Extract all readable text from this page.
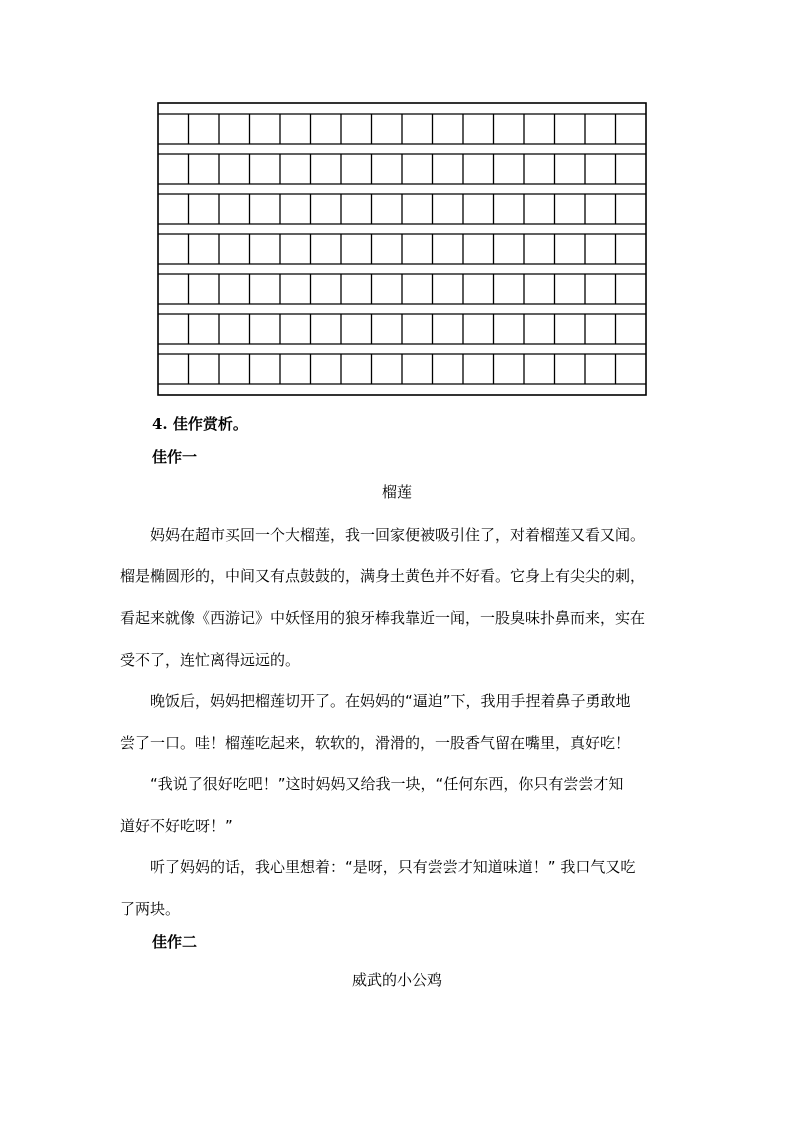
4. 佳作赏析。

佳作一

榴莲

妈妈在超市买回一个大榴莲，我一回家便被吸引住了，对着榴莲又看又闻。
榴是椭圆形的，中间又有点鼓鼓的，满身土黄色并不好看。它身上有尖尖的刺，
看起来就像《西游记》中妖怪用的狼牙棒我靠近一闻，一股臭味扑鼻而来，实在
受不了，连忙离得远远的。
晚饭后，妈妈把榴莲切开了。在妈妈的“逼迫”下，我用手捏着鼻子勇敢地
尝了一口。哇！榴莲吃起来，软软的，滑滑的，一股香气留在嘴里，真好吃！
“我说了很好吃吧！”这时妈妈又给我一块，“任何东西，你只有尝尝才知
道好不好吃呀！”
听了妈妈的话，我心里想着：“是呀，只有尝尝才知道味道！” 我口气又吃
了两块。

佳作二

威武的小公鸡
